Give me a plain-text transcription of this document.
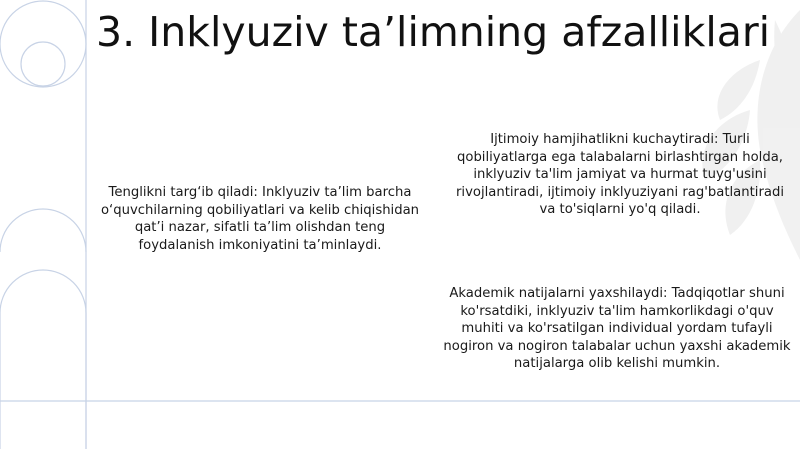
3. Inklyuziv ta’limning afzalliklari

Tenglikni targ‘ib qiladi: Inklyuziv ta’lim barcha o‘quvchilarning qobiliyatlari va kelib chiqishidan qat’i nazar, sifatli ta’lim olishdan teng foydalanish imkoniyatini ta’minlaydi.

Ijtimoiy hamjihatlikni kuchaytiradi: Turli qobiliyatlarga ega talabalarni birlashtirgan holda, inklyuziv ta'lim jamiyat va hurmat tuyg'usini rivojlantiradi, ijtimoiy inklyuziyani rag'batlantiradi va to'siqlarni yo'q qiladi.

Akademik natijalarni yaxshilaydi: Tadqiqotlar shuni ko'rsatdiki, inklyuziv ta'lim hamkorlikdagi o'quv muhiti va ko'rsatilgan individual yordam tufayli nogiron va nogiron talabalar uchun yaxshi akademik natijalarga olib kelishi mumkin.
